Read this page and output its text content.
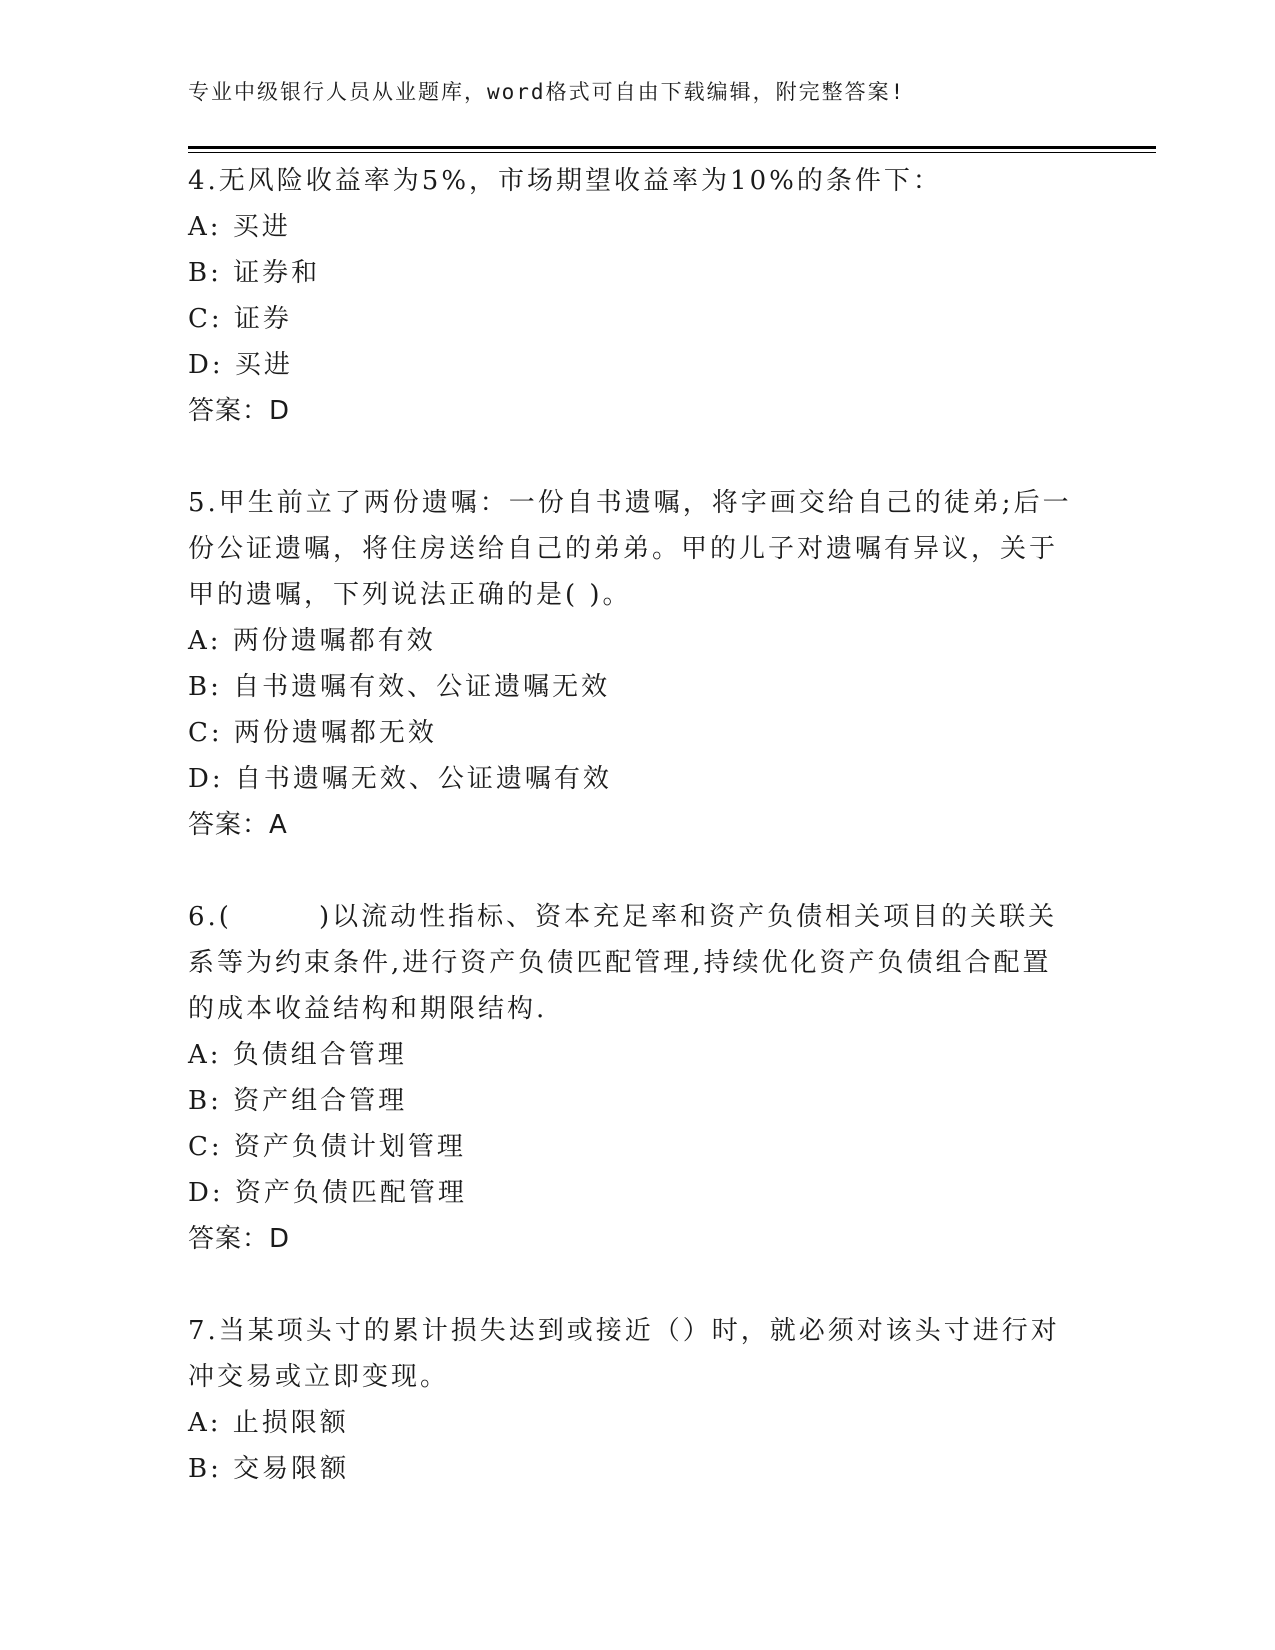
专业中级银行人员从业题库，word格式可自由下载编辑，附完整答案!
4.无风险收益率为5%，市场期望收益率为10%的条件下：
A: 买进
B: 证券和
C: 证券
D: 买进
答案：D
5.甲生前立了两份遗嘱：一份自书遗嘱，将字画交给自己的徒弟;后一份公证遗嘱，将住房送给自己的弟弟。甲的儿子对遗嘱有异议，关于甲的遗嘱，下列说法正确的是( )。
A: 两份遗嘱都有效
B: 自书遗嘱有效、公证遗嘱无效
C: 两份遗嘱都无效
D: 自书遗嘱无效、公证遗嘱有效
答案：A
6.(　　　)以流动性指标、资本充足率和资产负债相关项目的关联关系等为约束条件,进行资产负债匹配管理,持续优化资产负债组合配置的成本收益结构和期限结构.
A: 负债组合管理
B: 资产组合管理
C: 资产负债计划管理
D: 资产负债匹配管理
答案：D
7.当某项头寸的累计损失达到或接近（）时，就必须对该头寸进行对冲交易或立即变现。
A: 止损限额
B: 交易限额
